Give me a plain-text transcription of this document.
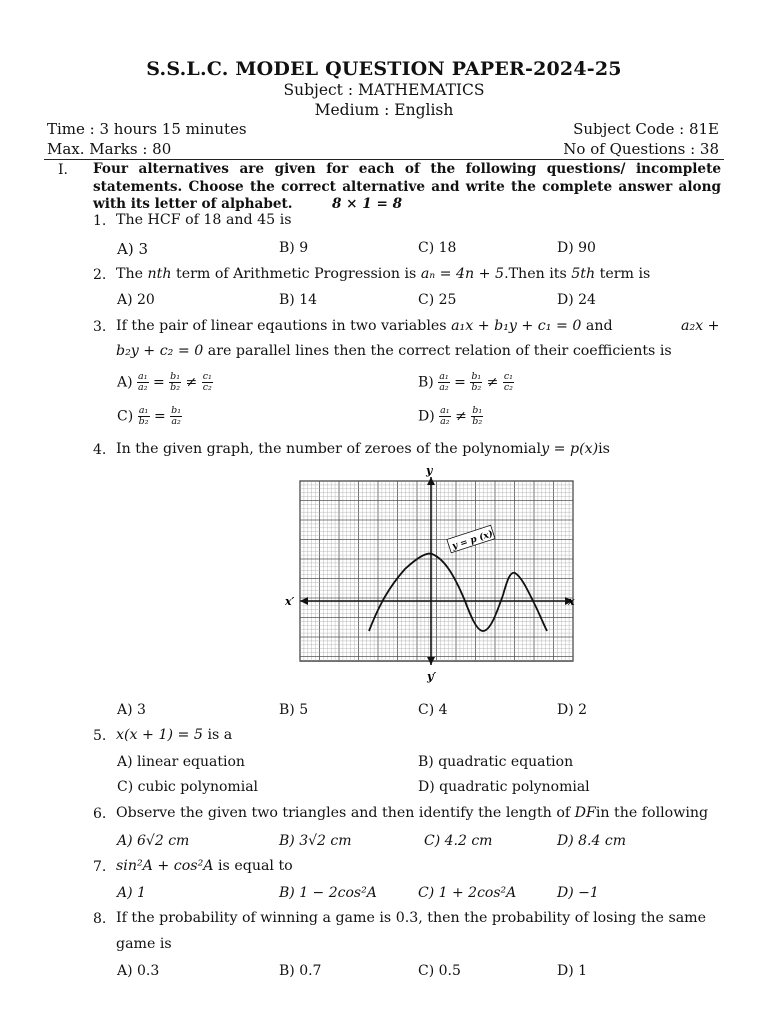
S.S.L.C. MODEL QUESTION PAPER-2024-25
Subject : MATHEMATICS
Medium : English
Time : 3 hours 15 minutes	Subject Code : 81E
Max. Marks : 80	No of Questions : 38
I. Four alternatives are given for each of the following questions/ incomplete statements. Choose the correct alternative and write the complete answer along with its letter of alphabet.	8 × 1 = 8
1. The HCF of 18 and 45 is
A) 3	B) 9	C) 18	D) 90
2. The nth term of Arithmetic Progression is aₙ = 4n + 5.Then its 5th term is
A) 20	B) 14	C) 25	D) 24
3. If the pair of linear eqautions in two variables a₁x + b₁y + c₁ = 0 and	a₂x +
b₂y + c₂ = 0 are parallel lines then the correct relation of their coefficients is
$A) \frac{\text{a₁}}{\text{a₂}} = \frac{\text{b₁}}{\text{b₂}} \ne \frac{\text{c₁}}{\text{c₂}}$	$B) \frac{\text{a₁}}{\text{a₂}} = \frac{\text{b₁}}{\text{b₂}} \ne \frac{\text{c₁}}{\text{c₂}}$
$C) \frac{\text{a₁}}{\text{b₂}} = \frac{\text{b₁}}{\text{a₂}}$	$D) \frac{\text{a₁}}{\text{a₂}} \ne \frac{\text{b₁}}{\text{b₂}}$
4. In the given graph, the number of zeroes of the polynomialy = p(x)is
y = p (x)
y
y′
x
x′
A) 3	B) 5	C) 4	D) 2
5. x(x + 1) = 5 is a
A) linear equation	B) quadratic equation
C) cubic polynomial	D) quadratic polynomial
6. Observe the given two triangles and then identify the length of DFin the following
A) 6√2 cm	B) 3√2 cm	C) 4.2 cm	D) 8.4 cm
7. sin²A + cos²A is equal to
A) 1	B) 1 − 2cos²A	C) 1 + 2cos²A	D) −1
8. If the probability of winning a game is 0.3, then the probability of losing the same
game is
A) 0.3	B) 0.7	C) 0.5	D) 1
